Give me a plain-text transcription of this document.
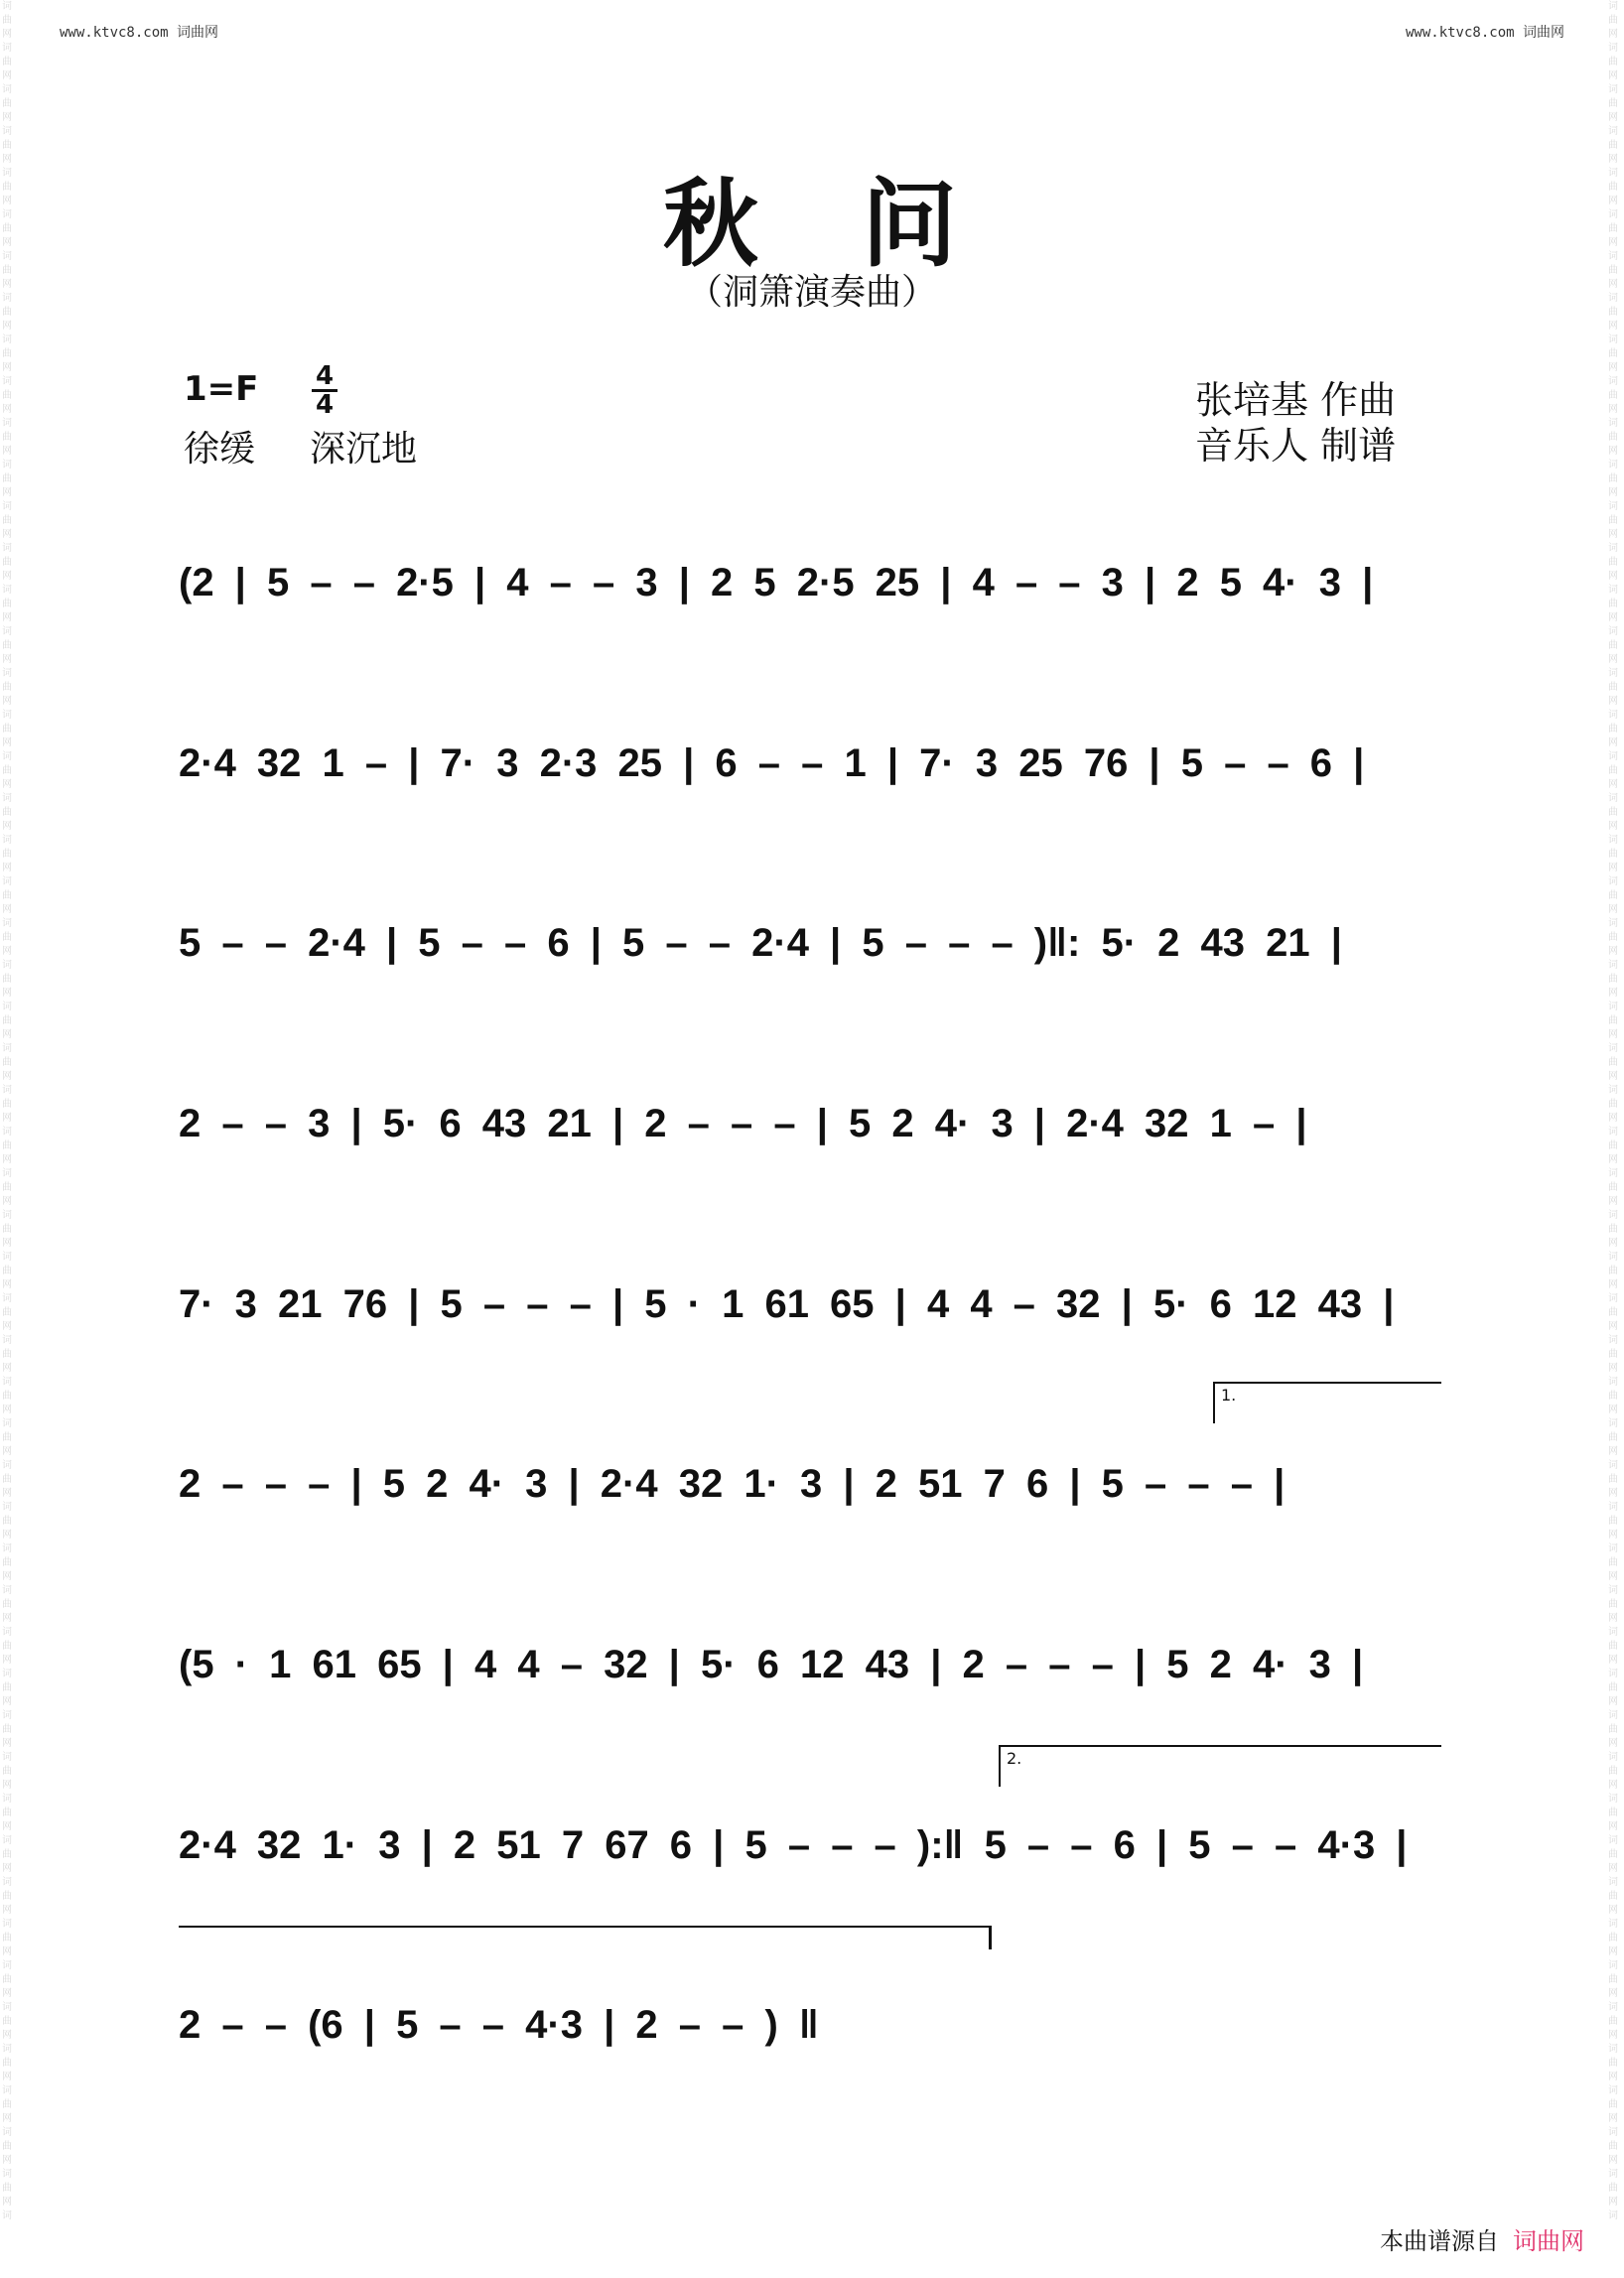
www.ktvc8.com 词曲网	www.ktvc8.com 词曲网
词
曲
网
词
曲
网
词
曲
网
词
曲
网
词
曲
网
词
曲
网
词
曲
网
词
曲
网
词
曲
网
词
曲
网
词
曲
网
词
曲
网
词
曲
网
词
曲
网
词
曲
网
词
曲
网
词
曲
网
词
曲
网
词
曲
网
词
曲
网
词
曲
网
词
曲
网
词
曲
网
词
曲
网
词
曲
网
词
曲
网
词
曲
网
词
曲
网
词
曲
网
词
曲
网
词
曲
网
词
曲
网
词
曲
网
词
曲
网
词
曲
网
词
曲
网
词
曲
网
词
曲
网
词
曲
网
词
曲
网
词
曲
网
词
曲
网
词
曲
网
词
曲
网
词
曲
网
词
曲
网
词
曲
网
词
曲
网
词
曲
网
词
曲
网
词
曲
网
词
曲
网
词
曲
网
词

词
曲
网
词
曲
网
词
曲
网
词
曲
网
词
曲
网
词
曲
网
词
曲
网
词
曲
网
词
曲
网
词
曲
网
词
曲
网
词
曲
网
词
曲
网
词
曲
网
词
曲
网
词
曲
网
词
曲
网
词
曲
网
词
曲
网
词
曲
网
词
曲
网
词
曲
网
词
曲
网
词
曲
网
词
曲
网
词
曲
网
词
曲
网
词
曲
网
词
曲
网
词
曲
网
词
曲
网
词
曲
网
词
曲
网
词
曲
网
词
曲
网
词
曲
网
词
曲
网
词
曲
网
词
曲
网
词
曲
网
词
曲
网
词
曲
网
词
曲
网
词
曲
网
词
曲
网
词
曲
网
词
曲
网
词
曲
网
词
曲
网
词
曲
网
词
曲
网
词
曲
网
词
曲
网
词

秋　问
（洞箫演奏曲）
1=F 4
4
徐缓 深沉地
张培基 作曲
音乐人 制谱
(2 | 5 – – 2·5 | 4 – – 3 | 2 5 2·5 25 | 4 – – 3 | 2 5 4· 3 |
2·4 32 1 – | 7· 3 2·3 25 | 6 – – 1 | 7· 3 25 76 | 5 – – 6 |
5 – – 2·4 | 5 – – 6 | 5 – – 2·4 | 5 – – – )‖: 5· 2 43 21 |
2 – – 3 | 5· 6 43 21 | 2 – – – | 5 2 4· 3 | 2·4 32 1 – |
7· 3 21 76 | 5 – – – | 5 · 1 61 65 | 4 4 – 32 | 5· 6 12 43 |
1.
2 – – – | 5 2 4· 3 | 2·4 32 1· 3 | 2 51 7 6 | 5 – – – |
(5 · 1 61 65 | 4 4 – 32 | 5· 6 12 43 | 2 – – – | 5 2 4· 3 |
2.
2·4 32 1· 3 | 2 51 7 67 6 | 5 – – – ):‖ 5 – – 6 | 5 – – 4·3 |
2 – – (6 | 5 – – 4·3 | 2 – – ) ‖
本曲谱源自 词曲网
